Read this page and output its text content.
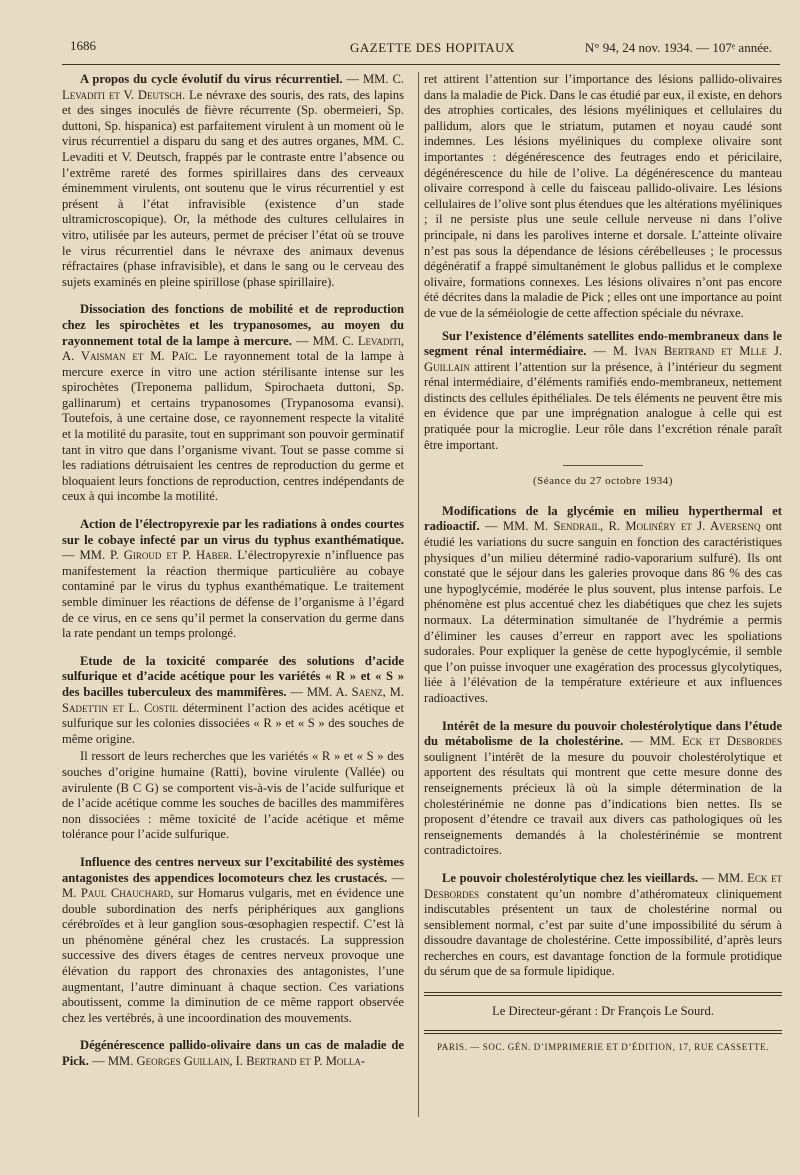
1686	GAZETTE DES HOPITAUX	N° 94, 24 nov. 1934. — 107ᵉ année.
A propos du cycle évolutif du virus récurrentiel. — MM. C. Levaditi et V. Deutsch. Le névraxe des souris, des rats, des lapins et des singes inoculés de fièvre récurrente (Sp. obermeieri, Sp. duttoni, Sp. hispanica) est parfaitement virulent à un moment où le virus récurrentiel a disparu du sang et des autres organes, MM. C. Levaditi et V. Deutsch, frappés par le contraste entre l’absence ou l’extrême rareté des formes spirillaires dans des cerveaux éminemment virulents, ont soutenu que le virus récurrentiel y est présent à l’état infravisible (existence d’un stade ultramicroscopique). Or, la méthode des cultures cellulaires in vitro, utilisée par les auteurs, permet de préciser l’état où se trouve le virus récurrentiel dans le névraxe des animaux devenus réfractaires (phase infravisible), et dans le sang ou le cerveau des sujets examinés en pleine spirillose (phase spirillaire).
Dissociation des fonctions de mobilité et de reproduction chez les spirochètes et les trypanosomes, au moyen du rayonnement total de la lampe à mercure. — MM. C. Levaditi, A. Vaisman et M. Païc. Le rayonnement total de la lampe à mercure exerce in vitro une action stérilisante intense sur les spirochètes (Treponema pallidum, Spirochaeta duttoni, Sp. gallinarum) et certains trypanosomes (Trypanosoma evansi). Toutefois, à une certaine dose, ce rayonnement respecte la vitalité et la motilité du parasite, tout en supprimant son pouvoir germinatif tant in vitro que dans l’organisme vivant. Tout se passe comme si les radiations détruisaient les centres de reproduction du germe et bloquaient leurs fonctions de reproduction, centres indépendants de ceux à qui incombe la motilité.
Action de l’électropyrexie par les radiations à ondes courtes sur le cobaye infecté par un virus du typhus exanthématique. — MM. P. Giroud et P. Haber. L’électropyrexie n’influence pas manifestement la réaction thermique particulière au cobaye contaminé par le virus du typhus exanthématique. Le traitement semble diminuer les réactions de défense de l’organisme à l’égard de ce virus, en ce sens qu’il permet la conservation du germe dans la rate pendant un temps prolongé.
Etude de la toxicité comparée des solutions d’acide sulfurique et d’acide acétique pour les variétés « R » et « S » des bacilles tuberculeux des mammifères. — MM. A. Saenz, M. Sadettin et L. Costil déterminent l’action des acides acétique et sulfurique sur les colonies dissociées « R » et « S » des souches de même origine.
Il ressort de leurs recherches que les variétés « R » et « S » des souches d’origine humaine (Ratti), bovine virulente (Vallée) ou avirulente (B C G) se comportent vis-à-vis de l’acide sulfurique et de l’acide acétique comme les souches de bacilles des mammifères non dissociées : même toxicité de l’acide acétique et même tolérance pour l’acide sulfurique.
Influence des centres nerveux sur l’excitabilité des systèmes antagonistes des appendices locomoteurs chez les crustacés. — M. Paul Chauchard, sur Homarus vulgaris, met en évidence une double subordination des nerfs périphériques aux ganglions cérébroïdes et à leur ganglion sous-œsophagien respectif. C’est là un phénomène général chez les crustacés. La suppression successive des divers étages de centres nerveux provoque une élévation du rapport des chronaxies des antagonistes, l’une augmentant, l’autre diminuant à chaque section. Ces variations aboutissent, comme la diminution de ce même rapport observée chez les vertébrés, à une incoordination des mouvements.
Dégénérescence pallido-olivaire dans un cas de maladie de Pick. — MM. Georges Guillain, I. Bertrand et P. Molla-
ret attirent l’attention sur l’importance des lésions pallido-olivaires dans la maladie de Pick. Dans le cas étudié par eux, il existe, en dehors des atrophies corticales, des lésions myéliniques et cellulaires du pallidum, alors que le striatum, putamen et noyau caudé sont indemnes. Les lésions myéliniques du complexe olivaire sont importantes : dégénérescence des feutrages endo et péricilaire, dégénérescence du hile de l’olive. La dégénérescence du manteau olivaire correspond à celle du faisceau pallido-olivaire. Les lésions cellulaires de l’olive sont plus étendues que les altérations myéliniques ; il ne persiste plus une seule cellule nerveuse ni dans l’olive principale, ni dans les parolives interne et dorsale. L’atteinte olivaire n’est pas sous la dépendance de lésions cérébelleuses ; le processus dégénératif a frappé simultanément le globus pallidus et le complexe olivaire, formations connexes. Les lésions olivaires n’ont pas encore été décrites dans la maladie de Pick ; elles ont une importance au point de vue de la séméiologie de cette affection spéciale du névraxe.
Sur l’existence d’éléments satellites endo-membraneux dans le segment rénal intermédiaire. — M. Ivan Bertrand et Mlle J. Guillain attirent l’attention sur la présence, à l’intérieur du segment rénal intermédiaire, d’éléments ramifiés endo-membraneux, nettement distincts des cellules épithéliales. De tels éléments ne peuvent être mis en évidence que par une imprégnation analogue à celle qui est pratiquée pour la microglie. Leur rôle dans l’excrétion rénale paraît être important.
(Séance du 27 octobre 1934)
Modifications de la glycémie en milieu hyperthermal et radioactif. — MM. M. Sendrail, R. Molinéry et J. Aversenq ont étudié les variations du sucre sanguin en fonction des caractéristiques physiques d’un milieu déterminé radio-vaporarium sulfuré). Ils ont constaté que le séjour dans les galeries provoque dans 86 % des cas une hypoglycémie, modérée le plus souvent, plus intense parfois. Le phénomène est plus accentué chez les diabétiques que chez les sujets normaux. La détermination simultanée de l’hydrémie a permis d’éliminer les causes d’erreur en rapport avec les spoliations sudorales. Pour expliquer la genèse de cette hypoglycémie, il semble que l’on puisse invoquer une exagération des processus glycolytiques, liée à l’élévation de la température extérieure et aux influences radioactives.
Intérêt de la mesure du pouvoir cholestérolytique dans l’étude du métabolisme de la cholestérine. — MM. Eck et Desbordes soulignent l’intérêt de la mesure du pouvoir cholestérolytique et apportent des résultats qui montrent que cette mesure donne des renseignements précieux là où la simple détermination de la cholestérinémie ne donne pas d’indications bien nettes. Ils se proposent d’étendre ce travail aux divers cas pathologiques où les renseignements demandés à la cholestérinémie se montrent contradictoires.
Le pouvoir cholestérolytique chez les vieillards. — MM. Eck et Desbordes constatent qu’un nombre d’athéromateux cliniquement indiscutables présentent un taux de cholestérine normal ou sensiblement normal, c’est par suite d’une impossibilité du sérum à dissoudre davantage de cholestérine. Cette impossibilité, d’après leurs recherches en cours, est davantage fonction de la formule protidique du sérum que de sa formule lipidique.
Le Directeur-gérant : Dr François Le Sourd.
PARIS. — SOC. GÉN. D’IMPRIMERIE ET D’ÉDITION, 17, RUE CASSETTE.
